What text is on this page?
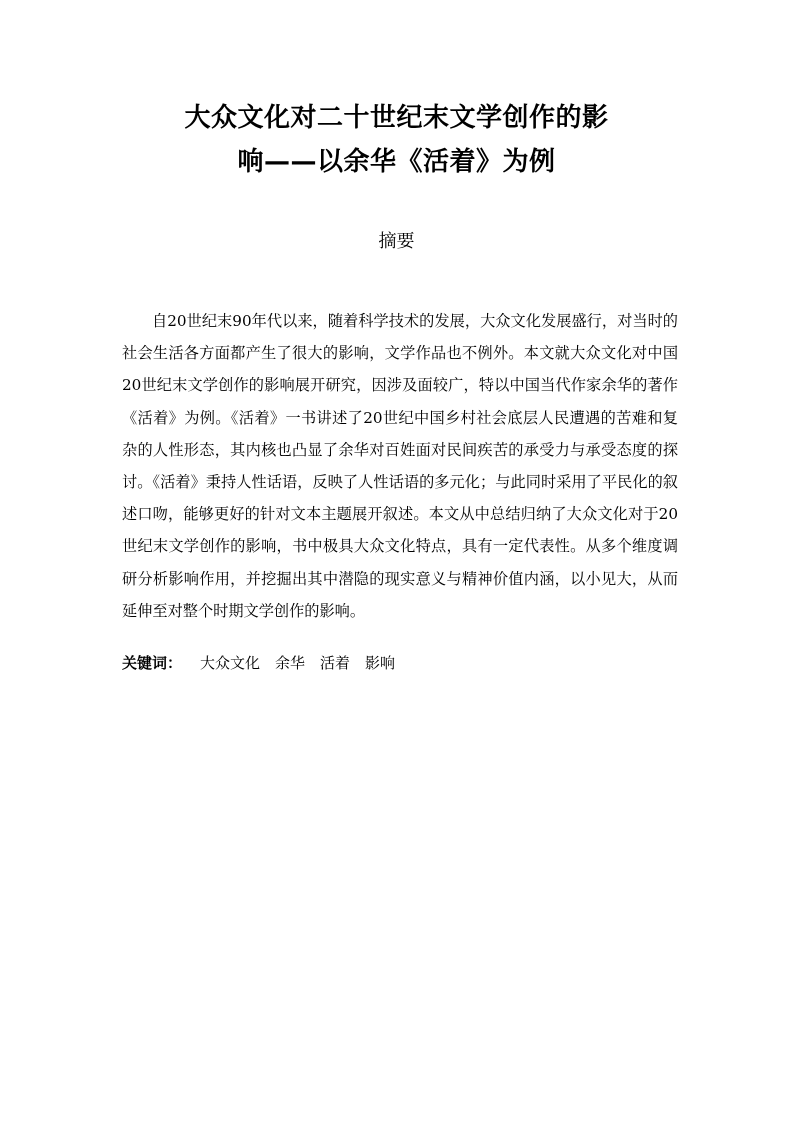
大众文化对二十世纪末文学创作的影
响——以余华《活着》为例
摘要

自20世纪末90年代以来，随着科学技术的发展，大众文化发展盛行，对当时的社会生活各方面都产生了很大的影响，文学作品也不例外。本文就大众文化对中国20世纪末文学创作的影响展开研究，因涉及面较广，特以中国当代作家余华的著作《活着》为例。《活着》一书讲述了20世纪中国乡村社会底层人民遭遇的苦难和复杂的人性形态，其内核也凸显了余华对百姓面对民间疾苦的承受力与承受态度的探讨。《活着》秉持人性话语，反映了人性话语的多元化；与此同时采用了平民化的叙述口吻，能够更好的针对文本主题展开叙述。本文从中总结归纳了大众文化对于20世纪末文学创作的影响，书中极具大众文化特点，具有一定代表性。从多个维度调研分析影响作用，并挖掘出其中潜隐的现实意义与精神价值内涵，以小见大，从而延伸至对整个时期文学创作的影响。

关键词： 大众文化 余华 活着 影响
